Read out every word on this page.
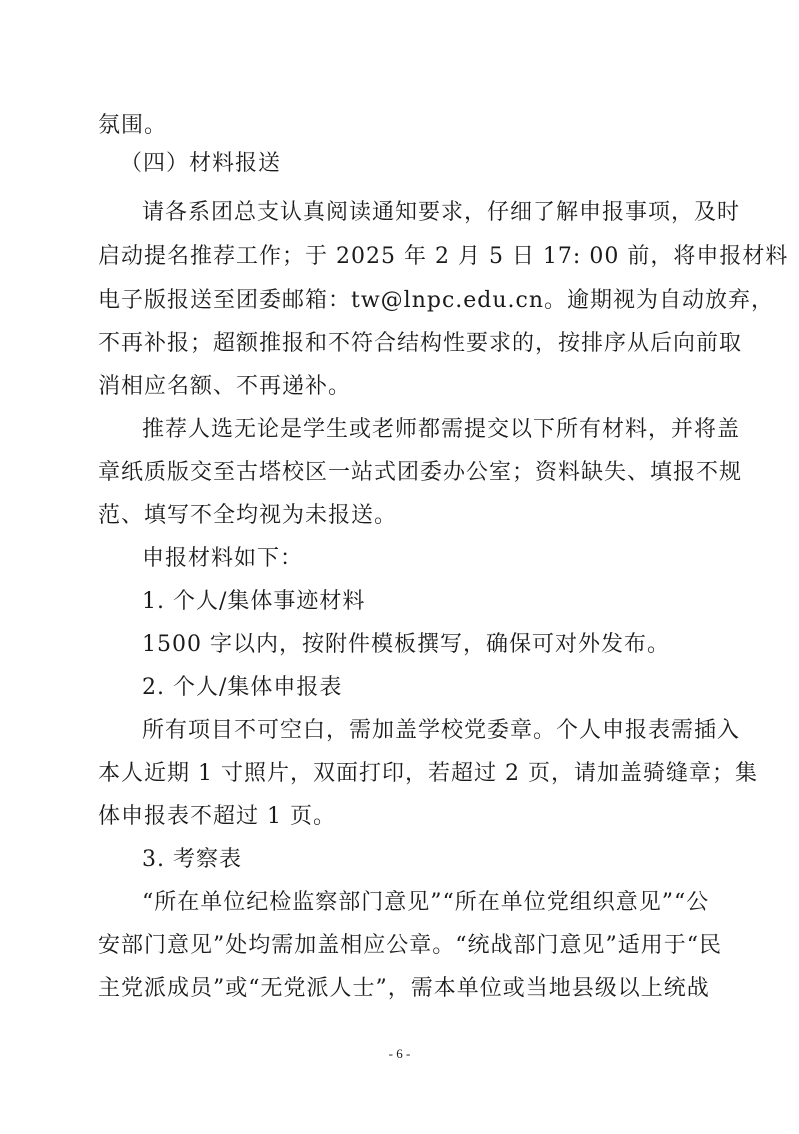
氛围。
（四）材料报送
请各系团总支认真阅读通知要求，仔细了解申报事项，及时
启动提名推荐工作；于 2025 年 2 月 5 日 17: 00 前，将申报材料
电子版报送至团委邮箱：tw@lnpc.edu.cn。逾期视为自动放弃，
不再补报；超额推报和不符合结构性要求的，按排序从后向前取
消相应名额、不再递补。
推荐人选无论是学生或老师都需提交以下所有材料，并将盖
章纸质版交至古塔校区一站式团委办公室；资料缺失、填报不规
范、填写不全均视为未报送。
申报材料如下：
1. 个人/集体事迹材料
1500 字以内，按附件模板撰写，确保可对外发布。
2. 个人/集体申报表
所有项目不可空白，需加盖学校党委章。个人申报表需插入
本人近期 1 寸照片，双面打印，若超过 2 页，请加盖骑缝章；集
体申报表不超过 1 页。
3. 考察表
“所在单位纪检监察部门意见”“所在单位党组织意见”“公
安部门意见”处均需加盖相应公章。“统战部门意见”适用于“民
主党派成员”或“无党派人士”，需本单位或当地县级以上统战
- 6 -
